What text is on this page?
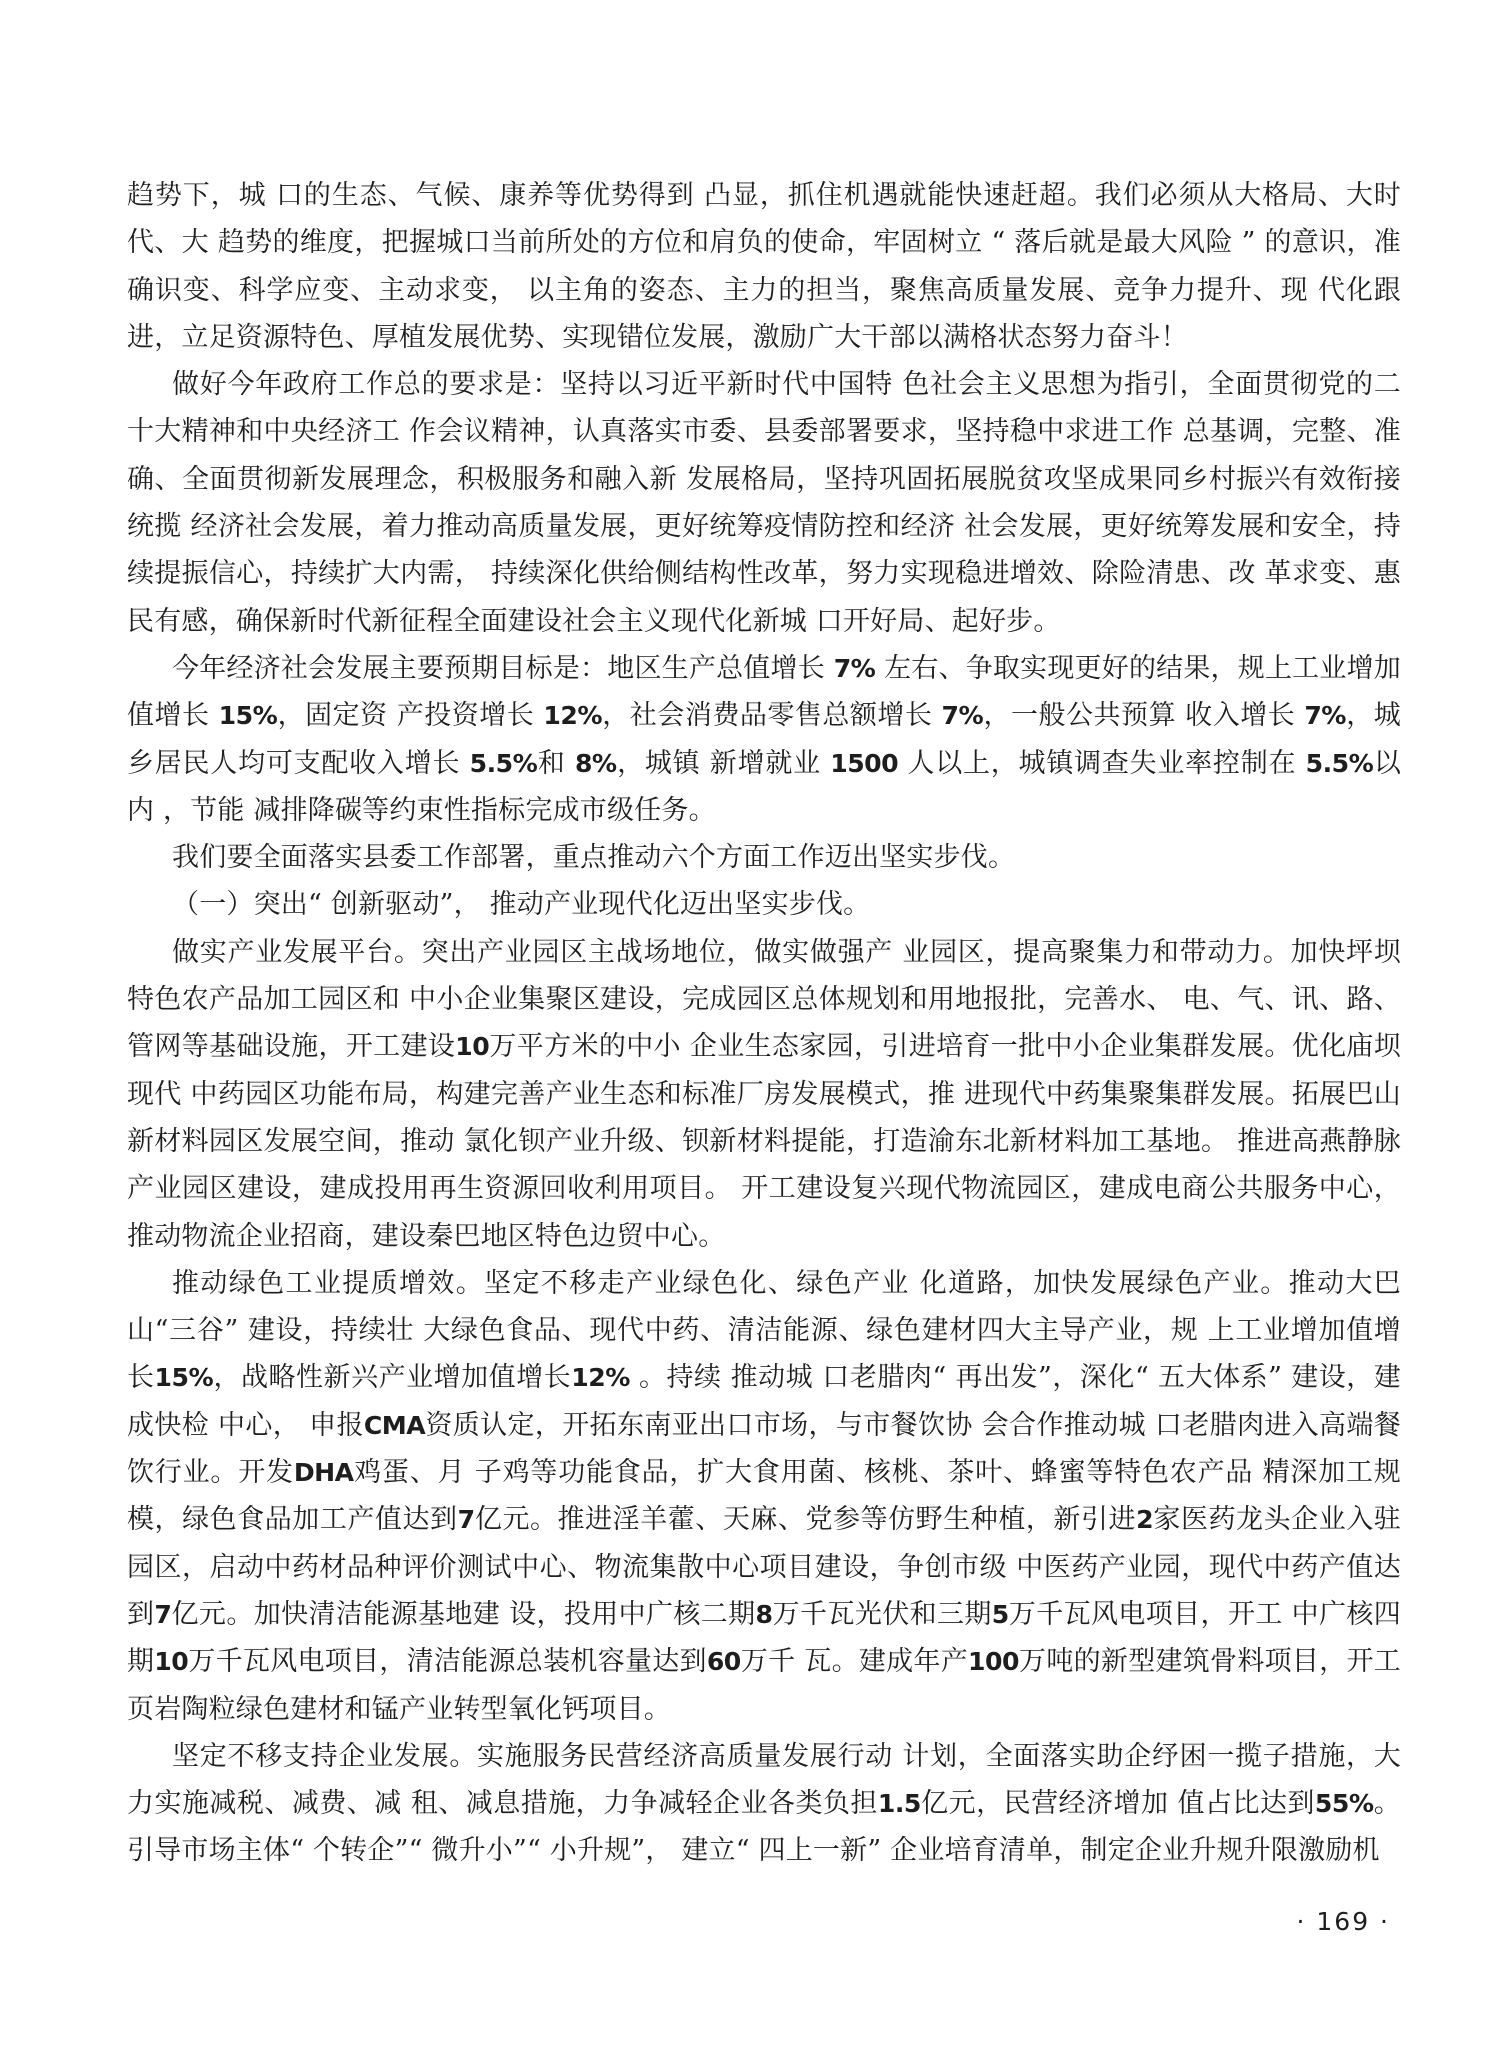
趋势下，城 口的生态、气候、康养等优势得到 凸显，抓住机遇就能快速赶超。我们必须从大格局、大时代、大 趋势的维度，把握城口当前所处的方位和肩负的使命，牢固树立 “ 落后就是最大风险 ” 的意识，准确识变、科学应变、主动求变， 以主角的姿态、主力的担当，聚焦高质量发展、竞争力提升、现 代化跟进，立足资源特色、厚植发展优势、实现错位发展，激励广大干部以满格状态努力奋斗！

做好今年政府工作总的要求是：坚持以习近平新时代中国特 色社会主义思想为指引，全面贯彻党的二十大精神和中央经济工 作会议精神，认真落实市委、县委部署要求，坚持稳中求进工作 总基调，完整、准确、全面贯彻新发展理念，积极服务和融入新 发展格局，坚持巩固拓展脱贫攻坚成果同乡村振兴有效衔接统揽 经济社会发展，着力推动高质量发展，更好统筹疫情防控和经济 社会发展，更好统筹发展和安全，持续提振信心，持续扩大内需， 持续深化供给侧结构性改革，努力实现稳进增效、除险清患、改 革求变、惠民有感，确保新时代新征程全面建设社会主义现代化新城 口开好局、起好步。

今年经济社会发展主要预期目标是：地区生产总值增长 7% 左右、争取实现更好的结果，规上工业增加值增长 15%，固定资 产投资增长 12%，社会消费品零售总额增长 7%，一般公共预算 收入增长 7%，城乡居民人均可支配收入增长 5.5%和 8%，城镇 新增就业 1500 人以上，城镇调查失业率控制在 5.5%以内 ，节能 减排降碳等约束性指标完成市级任务。

我们要全面落实县委工作部署，重点推动六个方面工作迈出坚实步伐。

（一）突出“ 创新驱动”， 推动产业现代化迈出坚实步伐。

做实产业发展平台。突出产业园区主战场地位，做实做强产 业园区，提高聚集力和带动力。加快坪坝特色农产品加工园区和 中小企业集聚区建设，完成园区总体规划和用地报批，完善水、 电、气、讯、路、管网等基础设施，开工建设10万平方米的中小 企业生态家园，引进培育一批中小企业集群发展。优化庙坝现代 中药园区功能布局，构建完善产业生态和标准厂房发展模式，推 进现代中药集聚集群发展。拓展巴山新材料园区发展空间，推动 氯化钡产业升级、钡新材料提能，打造渝东北新材料加工基地。 推进高燕静脉产业园区建设，建成投用再生资源回收利用项目。 开工建设复兴现代物流园区，建成电商公共服务中心，推动物流企业招商，建设秦巴地区特色边贸中心。

推动绿色工业提质增效。坚定不移走产业绿色化、绿色产业 化道路，加快发展绿色产业。推动大巴山“三谷” 建设，持续壮 大绿色食品、现代中药、清洁能源、绿色建材四大主导产业，规 上工业增加值增长15%，战略性新兴产业增加值增长12% 。持续 推动城 口老腊肉“ 再出发”，深化“ 五大体系” 建设，建成快检 中心， 申报CMA资质认定，开拓东南亚出口市场，与市餐饮协 会合作推动城 口老腊肉进入高端餐饮行业。开发DHA鸡蛋、月 子鸡等功能食品，扩大食用菌、核桃、茶叶、蜂蜜等特色农产品 精深加工规模，绿色食品加工产值达到7亿元。推进淫羊藿、天麻、党参等仿野生种植，新引进2家医药龙头企业入驻园区，启动中药材品种评价测试中心、物流集散中心项目建设，争创市级 中医药产业园，现代中药产值达到7亿元。加快清洁能源基地建 设，投用中广核二期8万千瓦光伏和三期5万千瓦风电项目，开工 中广核四期10万千瓦风电项目，清洁能源总装机容量达到60万千 瓦。建成年产100万吨的新型建筑骨料项目，开工页岩陶粒绿色建材和锰产业转型氧化钙项目。

坚定不移支持企业发展。实施服务民营经济高质量发展行动 计划，全面落实助企纾困一揽子措施，大力实施减税、减费、减 租、减息措施，力争减轻企业各类负担1.5亿元，民营经济增加 值占比达到55%。引导市场主体“ 个转企”“ 微升小”“ 小升规”， 建立“ 四上一新” 企业培育清单，制定企业升规升限激励机

· 169 ·
